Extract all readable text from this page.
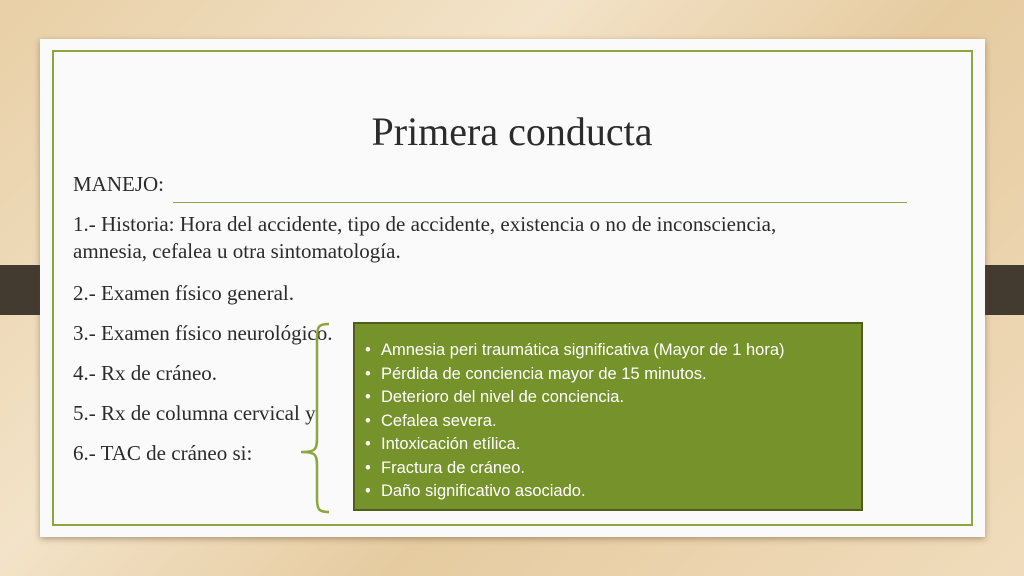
Primera conducta
MANEJO:
1.- Historia: Hora del accidente, tipo de accidente, existencia o no de inconsciencia,
amnesia, cefalea u otra sintomatología.
2.- Examen físico general.
3.- Examen físico neurológico.
4.- Rx de cráneo.
5.- Rx de columna cervical y
6.- TAC de cráneo si:
• Amnesia peri traumática significativa (Mayor de 1 hora)
• Pérdida de conciencia mayor de 15 minutos.
• Deterioro del nivel de conciencia.
• Cefalea severa.
• Intoxicación etílica.
• Fractura de cráneo.
• Daño significativo asociado.
